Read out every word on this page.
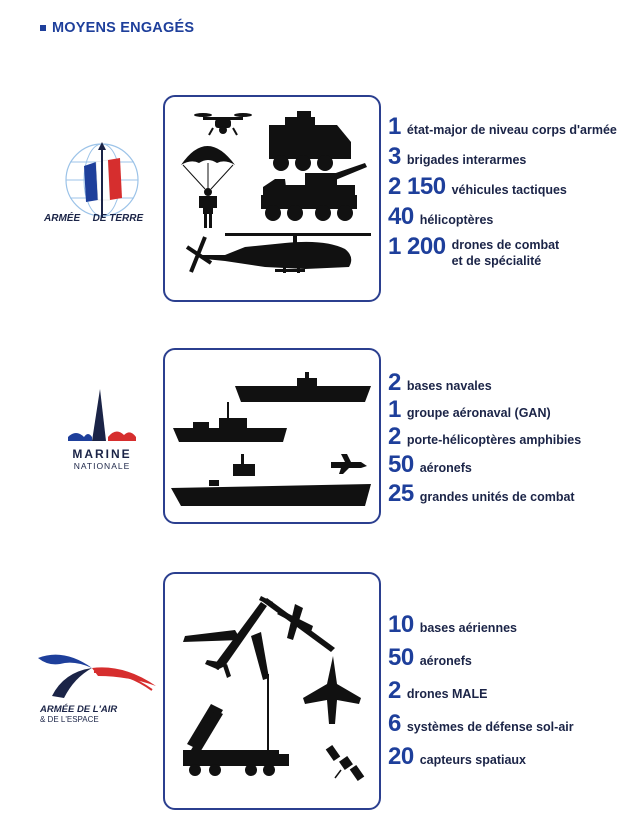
MOYENS ENGAGÉS
ARMÉE DE TERRE
1 état-major de niveau corps d'armée
3 brigades interarmes
2 150 véhicules tactiques
40 hélicoptères
1 200 drones de combat
et de spécialité
MARINE
NATIONALE
2 bases navales
1 groupe aéronaval (GAN)
2 porte-hélicoptères amphibies
50 aéronefs
25 grandes unités de combat
ARMÉE DE L'AIR
& DE L'ESPACE
10 bases aériennes
50 aéronefs
2 drones MALE
6 systèmes de défense sol-air
20 capteurs spatiaux
